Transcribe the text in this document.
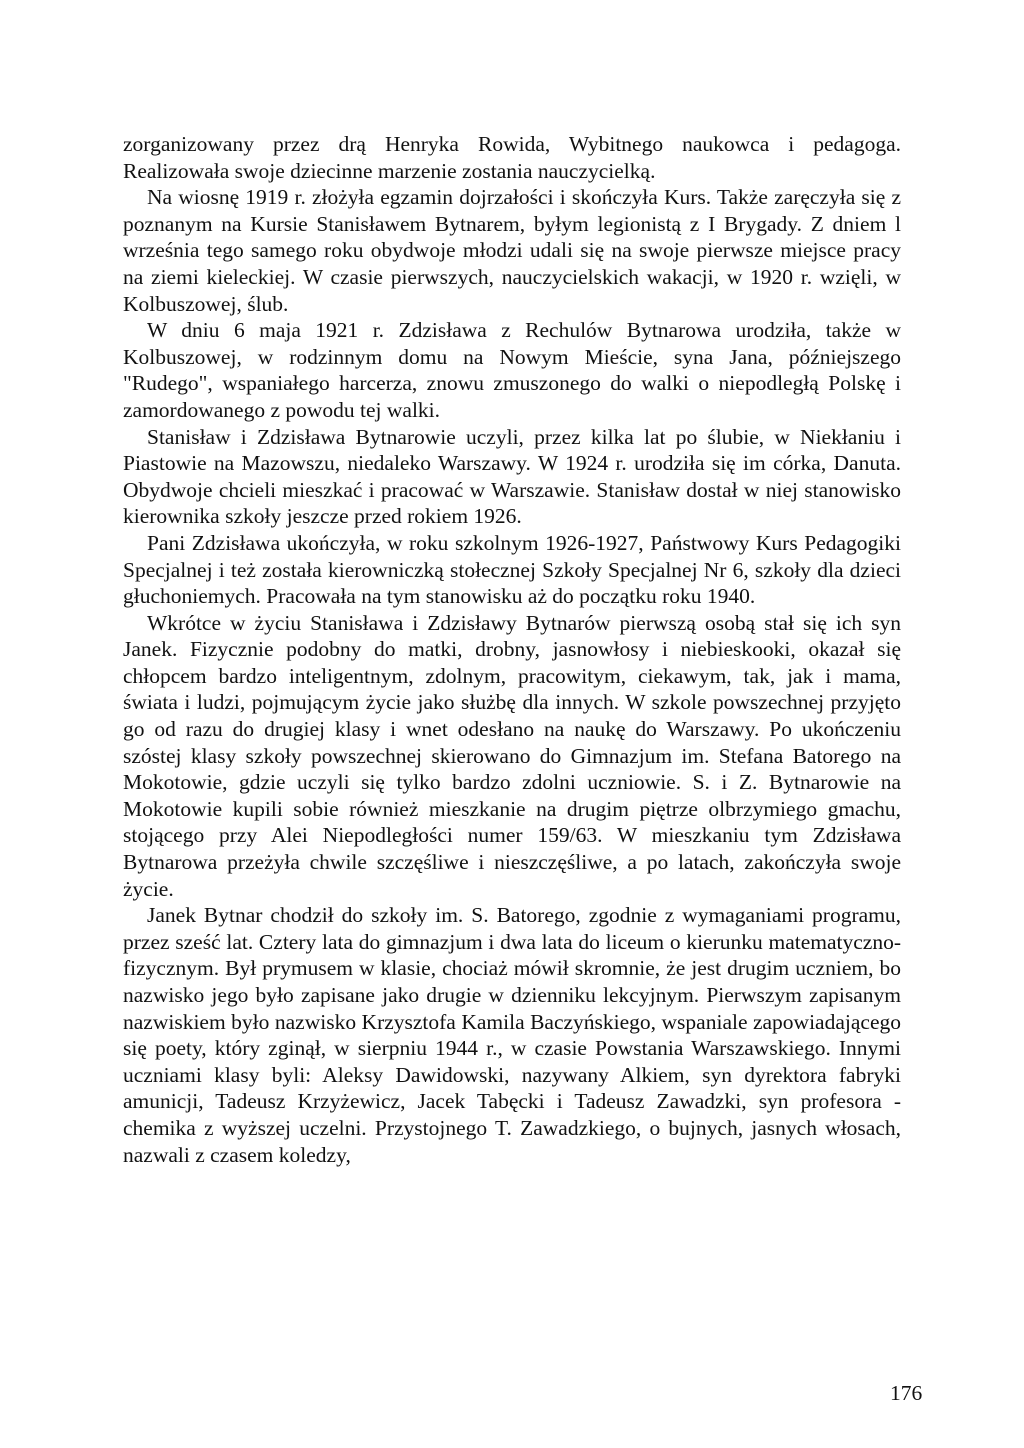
zorganizowany przez drą Henryka Rowida, Wybitnego naukowca i pedagoga. Realizowała swoje dziecinne marzenie zostania nauczycielką.

Na wiosnę 1919 r. złożyła egzamin dojrzałości i skończyła Kurs. Także zaręczyła się z poznanym na Kursie Stanisławem Bytnarem, byłym legionistą z I Brygady. Z dniem l września tego samego roku obydwoje młodzi udali się na swoje pierwsze miejsce pracy na ziemi kieleckiej. W czasie pierwszych, nauczycielskich wakacji, w 1920 r. wzięli, w Kolbuszowej, ślub.

W dniu 6 maja 1921 r. Zdzisława z Rechulów Bytnarowa urodziła, także w Kolbuszowej, w rodzinnym domu na Nowym Mieście, syna Jana, późniejszego "Rudego", wspaniałego harcerza, znowu zmuszonego do walki o niepodległą Polskę i zamordowanego z powodu tej walki.

Stanisław i Zdzisława Bytnarowie uczyli, przez kilka lat po ślubie, w Niekłaniu i Piastowie na Mazowszu, niedaleko Warszawy. W 1924 r. urodziła się im córka, Danuta. Obydwoje chcieli mieszkać i pracować w Warszawie. Stanisław dostał w niej stanowisko kierownika szkoły jeszcze przed rokiem 1926.

Pani Zdzisława ukończyła, w roku szkolnym 1926-1927, Państwowy Kurs Pedagogiki Specjalnej i też została kierowniczką stołecznej Szkoły Specjalnej Nr 6, szkoły dla dzieci głuchoniemych. Pracowała na tym stanowisku aż do początku roku 1940.

Wkrótce w życiu Stanisława i Zdzisławy Bytnarów pierwszą osobą stał się ich syn Janek. Fizycznie podobny do matki, drobny, jasnowłosy i niebieskooki, okazał się chłopcem bardzo inteligentnym, zdolnym, pracowitym, ciekawym, tak, jak i mama, świata i ludzi, pojmującym życie jako służbę dla innych. W szkole powszechnej przyjęto go od razu do drugiej klasy i wnet odesłano na naukę do Warszawy. Po ukończeniu szóstej klasy szkoły powszechnej skierowano do Gimnazjum im. Stefana Batorego na Mokotowie, gdzie uczyli się tylko bardzo zdolni uczniowie. S. i Z. Bytnarowie na Mokotowie kupili sobie również mieszkanie na drugim piętrze olbrzymiego gmachu, stojącego przy Alei Niepodległości numer 159/63. W mieszkaniu tym Zdzisława Bytnarowa przeżyła chwile szczęśliwe i nieszczęśliwe, a po latach, zakończyła swoje życie.

Janek Bytnar chodził do szkoły im. S. Batorego, zgodnie z wymaganiami programu, przez sześć lat. Cztery lata do gimnazjum i dwa lata do liceum o kierunku matematyczno-fizycznym. Był prymusem w klasie, chociaż mówił skromnie, że jest drugim uczniem, bo nazwisko jego było zapisane jako drugie w dzienniku lekcyjnym. Pierwszym zapisanym nazwiskiem było nazwisko Krzysztofa Kamila Baczyńskiego, wspaniale zapowiadającego się poety, który zginął, w sierpniu 1944 r., w czasie Powstania Warszawskiego. Innymi uczniami klasy byli: Aleksy Dawidowski, nazywany Alkiem, syn dyrektora fabryki amunicji, Tadeusz Krzyżewicz, Jacek Tabęcki i Tadeusz Zawadzki, syn profesora - chemika z wyższej uczelni. Przystojnego T. Zawadzkiego, o bujnych, jasnych włosach, nazwali z czasem koledzy,

176
